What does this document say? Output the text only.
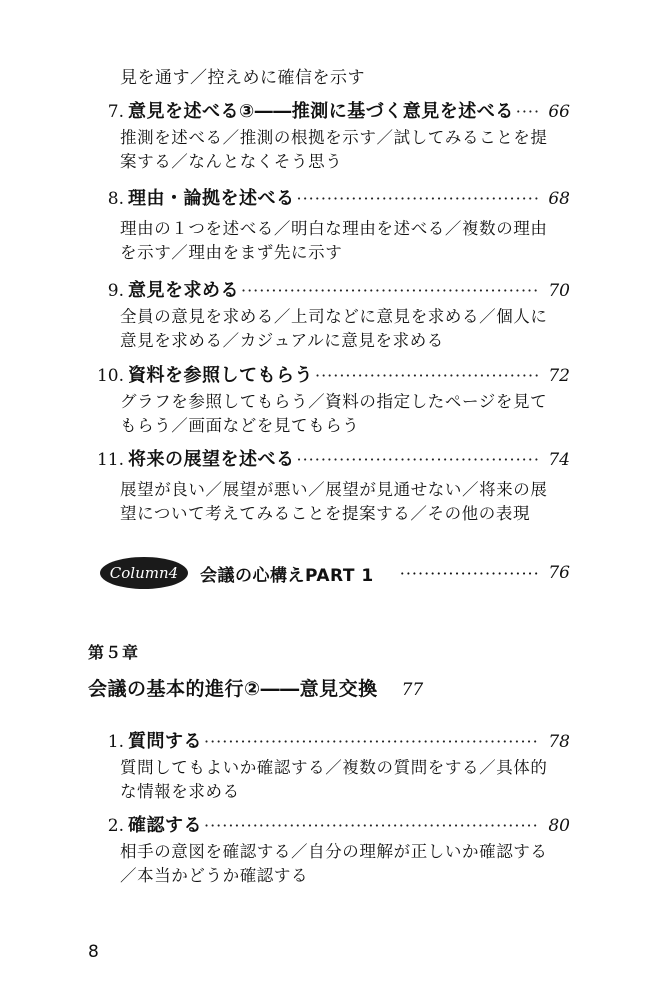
見を通す／控えめに確信を示す
7. 意見を述べる③――推測に基づく意見を述べる ····· 66
推測を述べる／推測の根拠を示す／試してみることを提案する／なんとなくそう思う
8. 理由・論拠を述べる ·····	68
理由の１つを述べる／明白な理由を述べる／複数の理由を示す／理由をまず先に示す
9. 意見を求める ·····	70
全員の意見を求める／上司などに意見を求める／個人に意見を求める／カジュアルに意見を求める
10. 資料を参照してもらう ·····	72
グラフを参照してもらう／資料の指定したページを見てもらう／画面などを見てもらう
11. 将来の展望を述べる ·····	74
展望が良い／展望が悪い／展望が見通せない／将来の展望について考えてみることを提案する／その他の表現
Column4	会議の心構えPART 1 ·····	76
第５章
会議の基本的進行②――意見交換 77
1. 質問する ·····	78
質問してもよいか確認する／複数の質問をする／具体的な情報を求める
2. 確認する ·····	80
相手の意図を確認する／自分の理解が正しいか確認する／本当かどうか確認する
8
